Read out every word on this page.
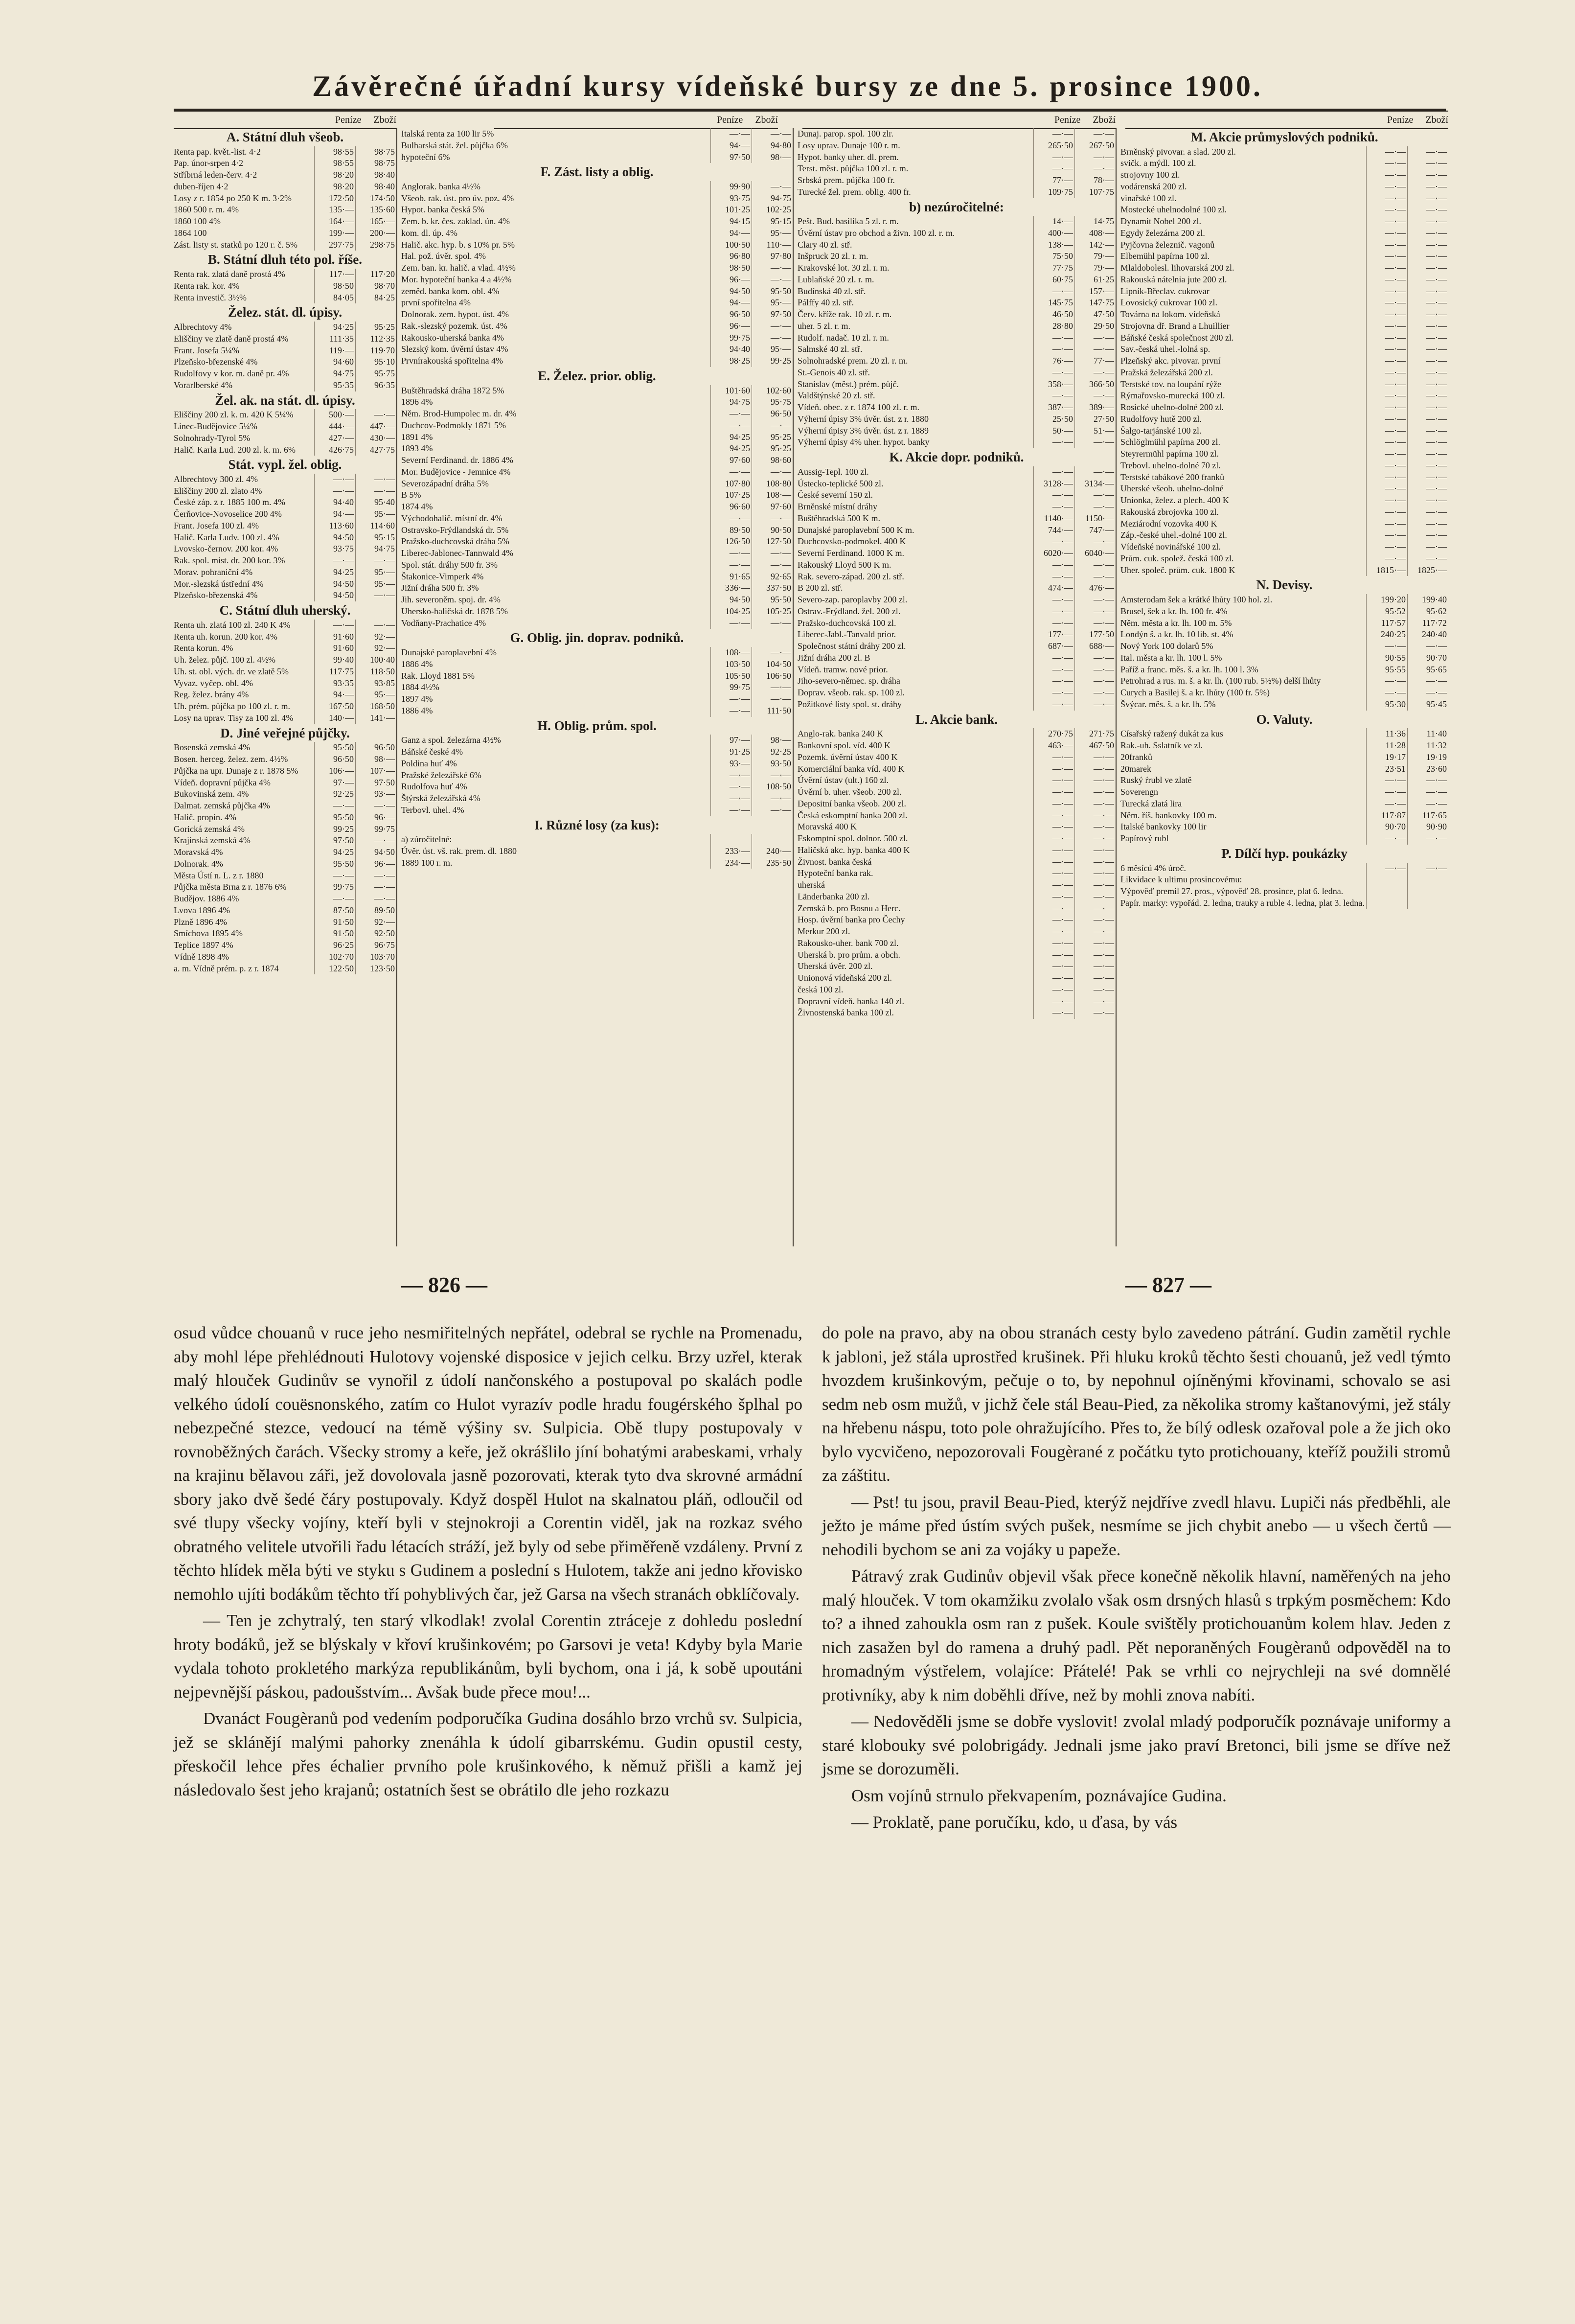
Závěrečné úřadní kursy vídeňské bursy ze dne 5. prosince 1900.
Peníze Zboží	Peníze Zboží	Peníze Zboží	Peníze Zboží
A. Státní dluh všeob.
Renta pap. květ.-list. 4·2	98·55	98·75
Pap. únor-srpen 4·2	98·55	98·75
Stříbrná leden-červ. 4·2	98·20	98·40
duben-říjen 4·2	98·20	98·40
Losy z r. 1854 po 250 K m. 3·2%	172·50	174·50
1860 500 r. m. 4%	135·—	135·60
1860 100 4%	164·—	165·—
1864 100	199·—	200·—
Zást. listy st. statků po 120 r. č. 5%	297·75	298·75
B. Státní dluh této pol. říše.
Renta rak. zlatá daně prostá 4%	117·—	117·20
Renta rak. kor. 4%	98·50	98·70
Renta investič. 3½%	84·05	84·25
Želez. stát. dl. úpisy.
Albrechtovy 4%	94·25	95·25
Eliščiny ve zlatě daně prostá 4%	111·35	112·35
Frant. Josefa 5¼%	119·—	119·70
Plzeňsko-březenské 4%	94·60	95·10
Rudolfovy v kor. m. daně pr. 4%	94·75	95·75
Vorarlberské 4%	95·35	96·35
Žel. ak. na stát. dl. úpisy.
Eliščiny 200 zl. k. m. 420 K 5¼%	500·—	—·—
Linec-Budějovice 5¼%	444·—	447·—
Solnohrady-Tyrol 5%	427·—	430·—
Halič. Karla Lud. 200 zl. k. m. 6%	426·75	427·75
Stát. vypl. žel. oblig.
Albrechtovy 300 zl. 4%	—·—	—·—
Eliščiny 200 zl. zlato 4%	—·—	—·—
České záp. z r. 1885 100 m. 4%	94·40	95·40
Čerňovice-Novoselice 200 4%	94·—	95·—
Frant. Josefa 100 zl. 4%	113·60	114·60
Halič. Karla Ludv. 100 zl. 4%	94·50	95·15
Lvovsko-černov. 200 kor. 4%	93·75	94·75
Rak. spol. mist. dr. 200 kor. 3%	—·—	—·—
Morav. pohraniční 4%	94·25	95·—
Mor.-slezská ústřední 4%	94·50	95·—
Plzeňsko-březenská 4%	94·50	—·—
C. Státní dluh uherský.
Renta uh. zlatá 100 zl. 240 K 4%	—·—	—·—
Renta uh. korun. 200 kor. 4%	91·60	92·—
Renta korun. 4%	91·60	92·—
Uh. želez. půjč. 100 zl. 4½%	99·40	100·40
Uh. st. obl. vých. dr. ve zlatě 5%	117·75	118·50
Vyvaz. vyčep. obl. 4%	93·35	93·85
Reg. želez. brány 4%	94·—	95·—
Uh. prém. půjčka po 100 zl. r. m.	167·50	168·50
Losy na uprav. Tisy za 100 zl. 4%	140·—	141·—
D. Jiné veřejné půjčky.
Bosenská zemská 4%	95·50	96·50
Bosen. herceg. želez. zem. 4½%	96·50	98·—
Půjčka na upr. Dunaje z r. 1878 5%	106·—	107·—
Vídeň. dopravní půjčka 4%	97·—	97·50
Bukovinská zem. 4%	92·25	93·—
Dalmat. zemská půjčka 4%	—·—	—·—
Halič. propin. 4%	95·50	96·—
Gorická zemská 4%	99·25	99·75
Krajinská zemská 4%	97·50	—·—
Moravská 4%	94·25	94·50
Dolnorak. 4%	95·50	96·—
Města Ústí n. L. z r. 1880	—·—	—·—
Půjčka města Brna z r. 1876 6%	99·75	—·—
Budějov. 1886 4%	—·—	—·—
Lvova 1896 4%	87·50	89·50
Plzně 1896 4%	91·50	92·—
Smíchova 1895 4%	91·50	92·50
Teplice 1897 4%	96·25	96·75
Vídně 1898 4%	102·70	103·70
a. m. Vídně prém. p. z r. 1874	122·50	123·50
Italská renta za 100 lir 5%	—·—	—·—
Bulharská stát. žel. půjčka 6%	94·—	94·80
hypoteční 6%	97·50	98·—
F. Zást. listy a oblig.
Anglorak. banka 4½%	99·90	—·—
Všeob. rak. úst. pro úv. poz. 4%	93·75	94·75
Hypot. banka česká 5%	101·25	102·25
Zem. b. kr. čes. zaklad. ún. 4%	94·15	95·15
kom. dl. úp. 4%	94·—	95·—
Halič. akc. hyp. b. s 10% pr. 5%	100·50	110·—
Hal. pož. úvěr. spol. 4%	96·80	97·80
Zem. ban. kr. halič. a vlad. 4½%	98·50	—·—
Mor. hypoteční banka 4 a 4½%	96·—	—·—
zeměd. banka kom. obl. 4%	94·50	95·50
první spořitelna 4%	94·—	95·—
Dolnorak. zem. hypot. úst. 4%	96·50	97·50
Rak.-slezský pozemk. úst. 4%	96·—	—·—
Rakousko-uherská banka 4%	99·75	—·—
Slezský kom. úvěrní ústav 4%	94·40	95·—
Prvnírakouská spořitelna 4%	98·25	99·25
E. Želez. prior. oblig.
Buštěhradská dráha 1872 5%	101·60	102·60
1896 4%	94·75	95·75
Něm. Brod-Humpolec m. dr. 4%	—·—	96·50
Duchcov-Podmokly 1871 5%	—·—	—·—
1891 4%	94·25	95·25
1893 4%	94·25	95·25
Severní Ferdinand. dr. 1886 4%	97·60	98·60
Mor. Budějovice - Jemnice 4%	—·—	—·—
Severozápadní dráha 5%	107·80	108·80
B 5%	107·25	108·—
1874 4%	96·60	97·60
Východohalič. místní dr. 4%	—·—	—·—
Ostravsko-Frýdlandská dr. 5%	89·50	90·50
Pražsko-duchcovská dráha 5%	126·50	127·50
Liberec-Jablonec-Tannwald 4%	—·—	—·—
Spol. stát. dráhy 500 fr. 3%	—·—	—·—
Štakonice-Vimperk 4%	91·65	92·65
Jižní dráha 500 fr. 3%	336·—	337·50
Jih. severoněm. spoj. dr. 4%	94·50	95·50
Uhersko-haličská dr. 1878 5%	104·25	105·25
Vodňany-Prachatice 4%	—·—	—·—
G. Oblig. jin. doprav. podniků.
Dunajské paroplavební 4%	108·—	—·—
1886 4%	103·50	104·50
Rak. Lloyd 1881 5%	105·50	106·50
1884 4½%	99·75	—·—
1897 4%	—·—	—·—
1886 4%	—·—	111·50
H. Oblig. prům. spol.
Ganz a spol. železárna 4½%	97·—	98·—
Báňské české 4%	91·25	92·25
Poldina huť 4%	93·—	93·50
Pražské železářské 6%	—·—	—·—
Rudolfova huť 4%	—·—	108·50
Štýrská železářská 4%	—·—	—·—
Terbovl. uhel. 4%	—·—	—·—
I. Různé losy (za kus):
a) zúročitelné:
Úvěr. úst. vš. rak. prem. dl. 1880	233·—	240·—
1889 100 r. m.	234·—	235·50
Dunaj. parop. spol. 100 zlr.	—·—	—·—
Losy uprav. Dunaje 100 r. m.	265·50	267·50
Hypot. banky uher. dl. prem.	—·—	—·—
Terst. měst. půjčka 100 zl. r. m.	—·—	—·—
Srbská prem. půjčka 100 fr.	77·—	78·—
Turecké žel. prem. oblig. 400 fr.	109·75	107·75
b) nezúročitelné:
Pešt. Bud. basilika 5 zl. r. m.	14·—	14·75
Úvěrní ústav pro obchod a živn. 100 zl. r. m.	400·—	408·—
Clary 40 zl. stř.	138·—	142·—
Inšpruck 20 zl. r. m.	75·50	79·—
Krakovské lot. 30 zl. r. m.	77·75	79·—
Lublaňské 20 zl. r. m.	60·75	61·25
Budínská 40 zl. stř.	—·—	157·—
Pálffy 40 zl. stř.	145·75	147·75
Červ. kříže rak. 10 zl. r. m.	46·50	47·50
uher. 5 zl. r. m.	28·80	29·50
Rudolf. nadač. 10 zl. r. m.	—·—	—·—
Salmské 40 zl. stř.	—·—	—·—
Solnohradské prem. 20 zl. r. m.	76·—	77·—
St.-Genois 40 zl. stř.	—·—	—·—
Stanislav (měst.) prém. půjč.	358·—	366·50
Valdštýnské 20 zl. stř.	—·—	—·—
Vídeň. obec. z r. 1874 100 zl. r. m.	387·—	389·—
Výherní úpisy 3% úvěr. úst. z r. 1880	25·50	27·50
Výherní úpisy 3% úvěr. úst. z r. 1889	50·—	51·—
Výherní úpisy 4% uher. hypot. banky	—·—	—·—
K. Akcie dopr. podniků.
Aussig-Tepl. 100 zl.	—·—	—·—
Ústecko-teplické 500 zl.	3128·—	3134·—
České severní 150 zl.	—·—	—·—
Brněnské místní dráhy	—·—	—·—
Buštěhradská 500 K m.	1140·—	1150·—
Dunajské paroplavební 500 K m.	744·—	747·—
Duchcovsko-podmokel. 400 K	—·—	—·—
Severní Ferdinand. 1000 K m.	6020·—	6040·—
Rakouský Lloyd 500 K m.	—·—	—·—
Rak. severo-západ. 200 zl. stř.	—·—	—·—
B 200 zl. stř.	474·—	476·—
Severo-zap. paroplavby 200 zl.	—·—	—·—
Ostrav.-Frýdland. žel. 200 zl.	—·—	—·—
Pražsko-duchcovská 100 zl.	—·—	—·—
Liberec-Jabl.-Tanvald prior.	177·—	177·50
Společnost státní dráhy 200 zl.	687·—	688·—
Jižní dráha 200 zl. B	—·—	—·—
Vídeň. tramw. nové prior.	—·—	—·—
Jiho-severo-němec. sp. dráha	—·—	—·—
Doprav. všeob. rak. sp. 100 zl.	—·—	—·—
Požitkové listy spol. st. dráhy	—·—	—·—
L. Akcie bank.
Anglo-rak. banka 240 K	270·75	271·75
Bankovní spol. víd. 400 K	463·—	467·50
Pozemk. úvěrní ústav 400 K	—·—	—·—
Komerciální banka víd. 400 K	—·—	—·—
Úvěrní ústav (ult.) 160 zl.	—·—	—·—
Úvěrní b. uher. všeob. 200 zl.	—·—	—·—
Depositní banka všeob. 200 zl.	—·—	—·—
Česká eskomptní banka 200 zl.	—·—	—·—
Moravská 400 K	—·—	—·—
Eskomptní spol. dolnor. 500 zl.	—·—	—·—
Haličská akc. hyp. banka 400 K	—·—	—·—
Živnost. banka česká	—·—	—·—
Hypoteční banka rak.	—·—	—·—
uherská	—·—	—·—
Länderbanka 200 zl.	—·—	—·—
Zemská b. pro Bosnu a Herc.	—·—	—·—
Hosp. úvěrní banka pro Čechy	—·—	—·—
Merkur 200 zl.	—·—	—·—
Rakousko-uher. bank 700 zl.	—·—	—·—
Uherská b. pro prům. a obch.	—·—	—·—
Uherská úvěr. 200 zl.	—·—	—·—
Unionová vídeňská 200 zl.	—·—	—·—
česká 100 zl.	—·—	—·—
Dopravní vídeň. banka 140 zl.	—·—	—·—
Živnostenská banka 100 zl.	—·—	—·—
M. Akcie průmyslových podniků.
Brněnský pivovar. a slad. 200 zl.	—·—	—·—
svičk. a mýdl. 100 zl.	—·—	—·—
strojovny 100 zl.	—·—	—·—
vodárenská 200 zl.	—·—	—·—
vinařské 100 zl.	—·—	—·—
Mostecké uhelnodolné 100 zl.	—·—	—·—
Dynamit Nobel 200 zl.	—·—	—·—
Egydy železárna 200 zl.	—·—	—·—
Pyjčovna železnič. vagonů	—·—	—·—
Elbemühl papírna 100 zl.	—·—	—·—
Mlaldobolesl. lihovarská 200 zl.	—·—	—·—
Rakouská nátelnia jute 200 zl.	—·—	—·—
Lipník-Břeclav. cukrovar	—·—	—·—
Lovosický cukrovar 100 zl.	—·—	—·—
Továrna na lokom. vídeňská	—·—	—·—
Strojovna dř. Brand a Lhuillier	—·—	—·—
Báňské česká společnost 200 zl.	—·—	—·—
Sav.-česká uhel.-lolná sp.	—·—	—·—
Plzeňský akc. pivovar. první	—·—	—·—
Pražská železářská 200 zl.	—·—	—·—
Terstské tov. na loupání rýže	—·—	—·—
Rýmařovsko-murecká 100 zl.	—·—	—·—
Rosické uhelno-dolné 200 zl.	—·—	—·—
Rudolfovy hutě 200 zl.	—·—	—·—
Šalgo-tarjánské 100 zl.	—·—	—·—
Schlöglmühl papírna 200 zl.	—·—	—·—
Steyrermühl papírna 100 zl.	—·—	—·—
Trebovl. uhelno-dolné 70 zl.	—·—	—·—
Terstské tabákové 200 franků	—·—	—·—
Uherské všeob. uhelno-dolné	—·—	—·—
Unionka, želez. a plech. 400 K	—·—	—·—
Rakouská zbrojovka 100 zl.	—·—	—·—
Meziárodní vozovka 400 K	—·—	—·—
Záp.-české uhel.-dolné 100 zl.	—·—	—·—
Vídeňské novinářské 100 zl.	—·—	—·—
Prům. cuk. spolež. česká 100 zl.	—·—	—·—
Uher. společ. prům. cuk. 1800 K	1815·—	1825·—
N. Devisy.
Amsterodam šek a krátké lhůty 100 hol. zl.	199·20	199·40
Brusel, šek a kr. lh. 100 fr. 4%	95·52	95·62
Něm. města a kr. lh. 100 m. 5%	117·57	117·72
Londýn š. a kr. lh. 10 lib. st. 4%	240·25	240·40
Nový York 100 dolarů 5%	—·—	—·—
Ital. města a kr. lh. 100 l. 5%	90·55	90·70
Paříž a franc. měs. š. a kr. lh. 100 l. 3%	95·55	95·65
Petrohrad a rus. m. š. a kr. lh. (100 rub. 5½%) delší lhůty	—·—	—·—
Curych a Basilej š. a kr. lhůty (100 fr. 5%)	—·—	—·—
Švýcar. měs. š. a kr. lh. 5%	95·30	95·45
O. Valuty.
Císařský ražený dukát za kus	11·36	11·40
Rak.-uh. Sslatník ve zl.	11·28	11·32
20franků	19·17	19·19
20marek	23·51	23·60
Ruský ŕrubl ve zlatě	—·—	—·—
Soverengn	—·—	—·—
Turecká zlatá lira	—·—	—·—
Něm. říš. bankovky 100 m.	117·87	117·65
Italské bankovky 100 lir	90·70	90·90
Papírový rubl	—·—	—·—
P. Dílčí hyp. poukázky
6 měsíců 4% úroč.	—·—	—·—
Likvidace k ultimu prosincovému:
Výpověď premil 27. pros., výpověď 28. prosince, plat 6. ledna.
Papír. marky: vypořád. 2. ledna, trauky a ruble 4. ledna, plat 3. ledna.
— 826 —	— 827 —

osud vůdce chouanů v ruce jeho nesmiřitelných nepřátel, odebral se rychle na Promenadu, aby mohl lépe přehlédnouti Hulotovy vojenské disposice v jejich celku. Brzy uzřel, kterak malý hlouček Gudinův se vynořil z údolí nančonského a postupoval po skalách podle velkého údolí couësnonského, zatím co Hulot vyrazív podle hradu fougérského šplhal po nebezpečné stezce, vedoucí na témě výšiny sv. Sulpicia. Obě tlupy postupovaly v rovnoběžných čarách. Všecky stromy a keře, jež okrášlilo jíní bohatými arabeskami, vrhaly na krajinu bělavou záři, jež dovolovala jasně pozorovati, kterak tyto dva skrovné armádní sbory jako dvě šedé čáry postupovaly. Když dospěl Hulot na skalnatou pláň, odloučil od své tlupy všecky vojíny, kteří byli v stejnokroji a Corentin viděl, jak na rozkaz svého obratného velitele utvořili řadu létacích stráží, jež byly od sebe přiměřeně vzdáleny. První z těchto hlídek měla býti ve styku s Gudinem a poslední s Hulotem, takže ani jedno křovisko nemohlo ujíti bodákům těchto tří pohyblivých čar, jež Garsa na všech stranách obklíčovaly.

— Ten je zchytralý, ten starý vlkodlak! zvolal Corentin ztráceje z dohledu poslední hroty bodáků, jež se blýskaly v křoví krušinkovém; po Garsovi je veta! Kdyby byla Marie vydala tohoto prokletého markýza republikánům, byli bychom, ona i já, k sobě upoutáni nejpevnější páskou, padoušstvím... Avšak bude přece mou!...

Dvanáct Fougèranů pod vedením podporučíka Gudina dosáhlo brzo vrchů sv. Sulpicia, jež se sklánějí malými pahorky znenáhla k údolí gibarrskému. Gudin opustil cesty, přeskočil lehce přes échalier prvního pole krušinkového, k němuž přišli a kamž jej následovalo šest jeho krajanů; ostatních šest se obrátilo dle jeho rozkazu

do pole na pravo, aby na obou stranách cesty bylo zavedeno pátrání. Gudin zamětil rychle k jabloni, jež stála uprostřed krušinek. Při hluku kroků těchto šesti chouanů, jež vedl týmto hvozdem krušinkovým, pečuje o to, by nepohnul ojíněnými křovinami, schovalo se asi sedm neb osm mužů, v jichž čele stál Beau-Pied, za několika stromy kaštanovými, jež stály na hřebenu náspu, toto pole ohražujícího. Přes to, že bílý odlesk ozařoval pole a že jich oko bylo vycvičeno, nepozorovali Fougèrané z počátku tyto protichouany, kteříž použili stromů za záštitu.

— Pst! tu jsou, pravil Beau-Pied, kterýž nejdříve zvedl hlavu. Lupiči nás předběhli, ale ježto je máme před ústím svých pušek, nesmíme se jich chybit anebo — u všech čertů — nehodili bychom se ani za vojáky u papeže.

Pátravý zrak Gudinův objevil však přece konečně několik hlavní, naměřených na jeho malý hlouček. V tom okamžiku zvolalo však osm drsných hlasů s trpkým posměchem: Kdo to? a ihned zahoukla osm ran z pušek. Koule svištěly protichouanům kolem hlav. Jeden z nich zasažen byl do ramena a druhý padl. Pět neporaněných Fougèranů odpověděl na to hromadným výstřelem, volajíce: Přátelé! Pak se vrhli co nejrychleji na své domnělé protivníky, aby k nim doběhli dříve, než by mohli znova nabíti.

— Nedověděli jsme se dobře vyslovit! zvolal mladý podporučík poznávaje uniformy a staré klobouky své polobrigády. Jednali jsme jako praví Bretonci, bili jsme se dříve než jsme se dorozuměli.

Osm vojínů strnulo překvapením, poznávajíce Gudina.

— Proklatě, pane poručíku, kdo, u ďasa, by vás
